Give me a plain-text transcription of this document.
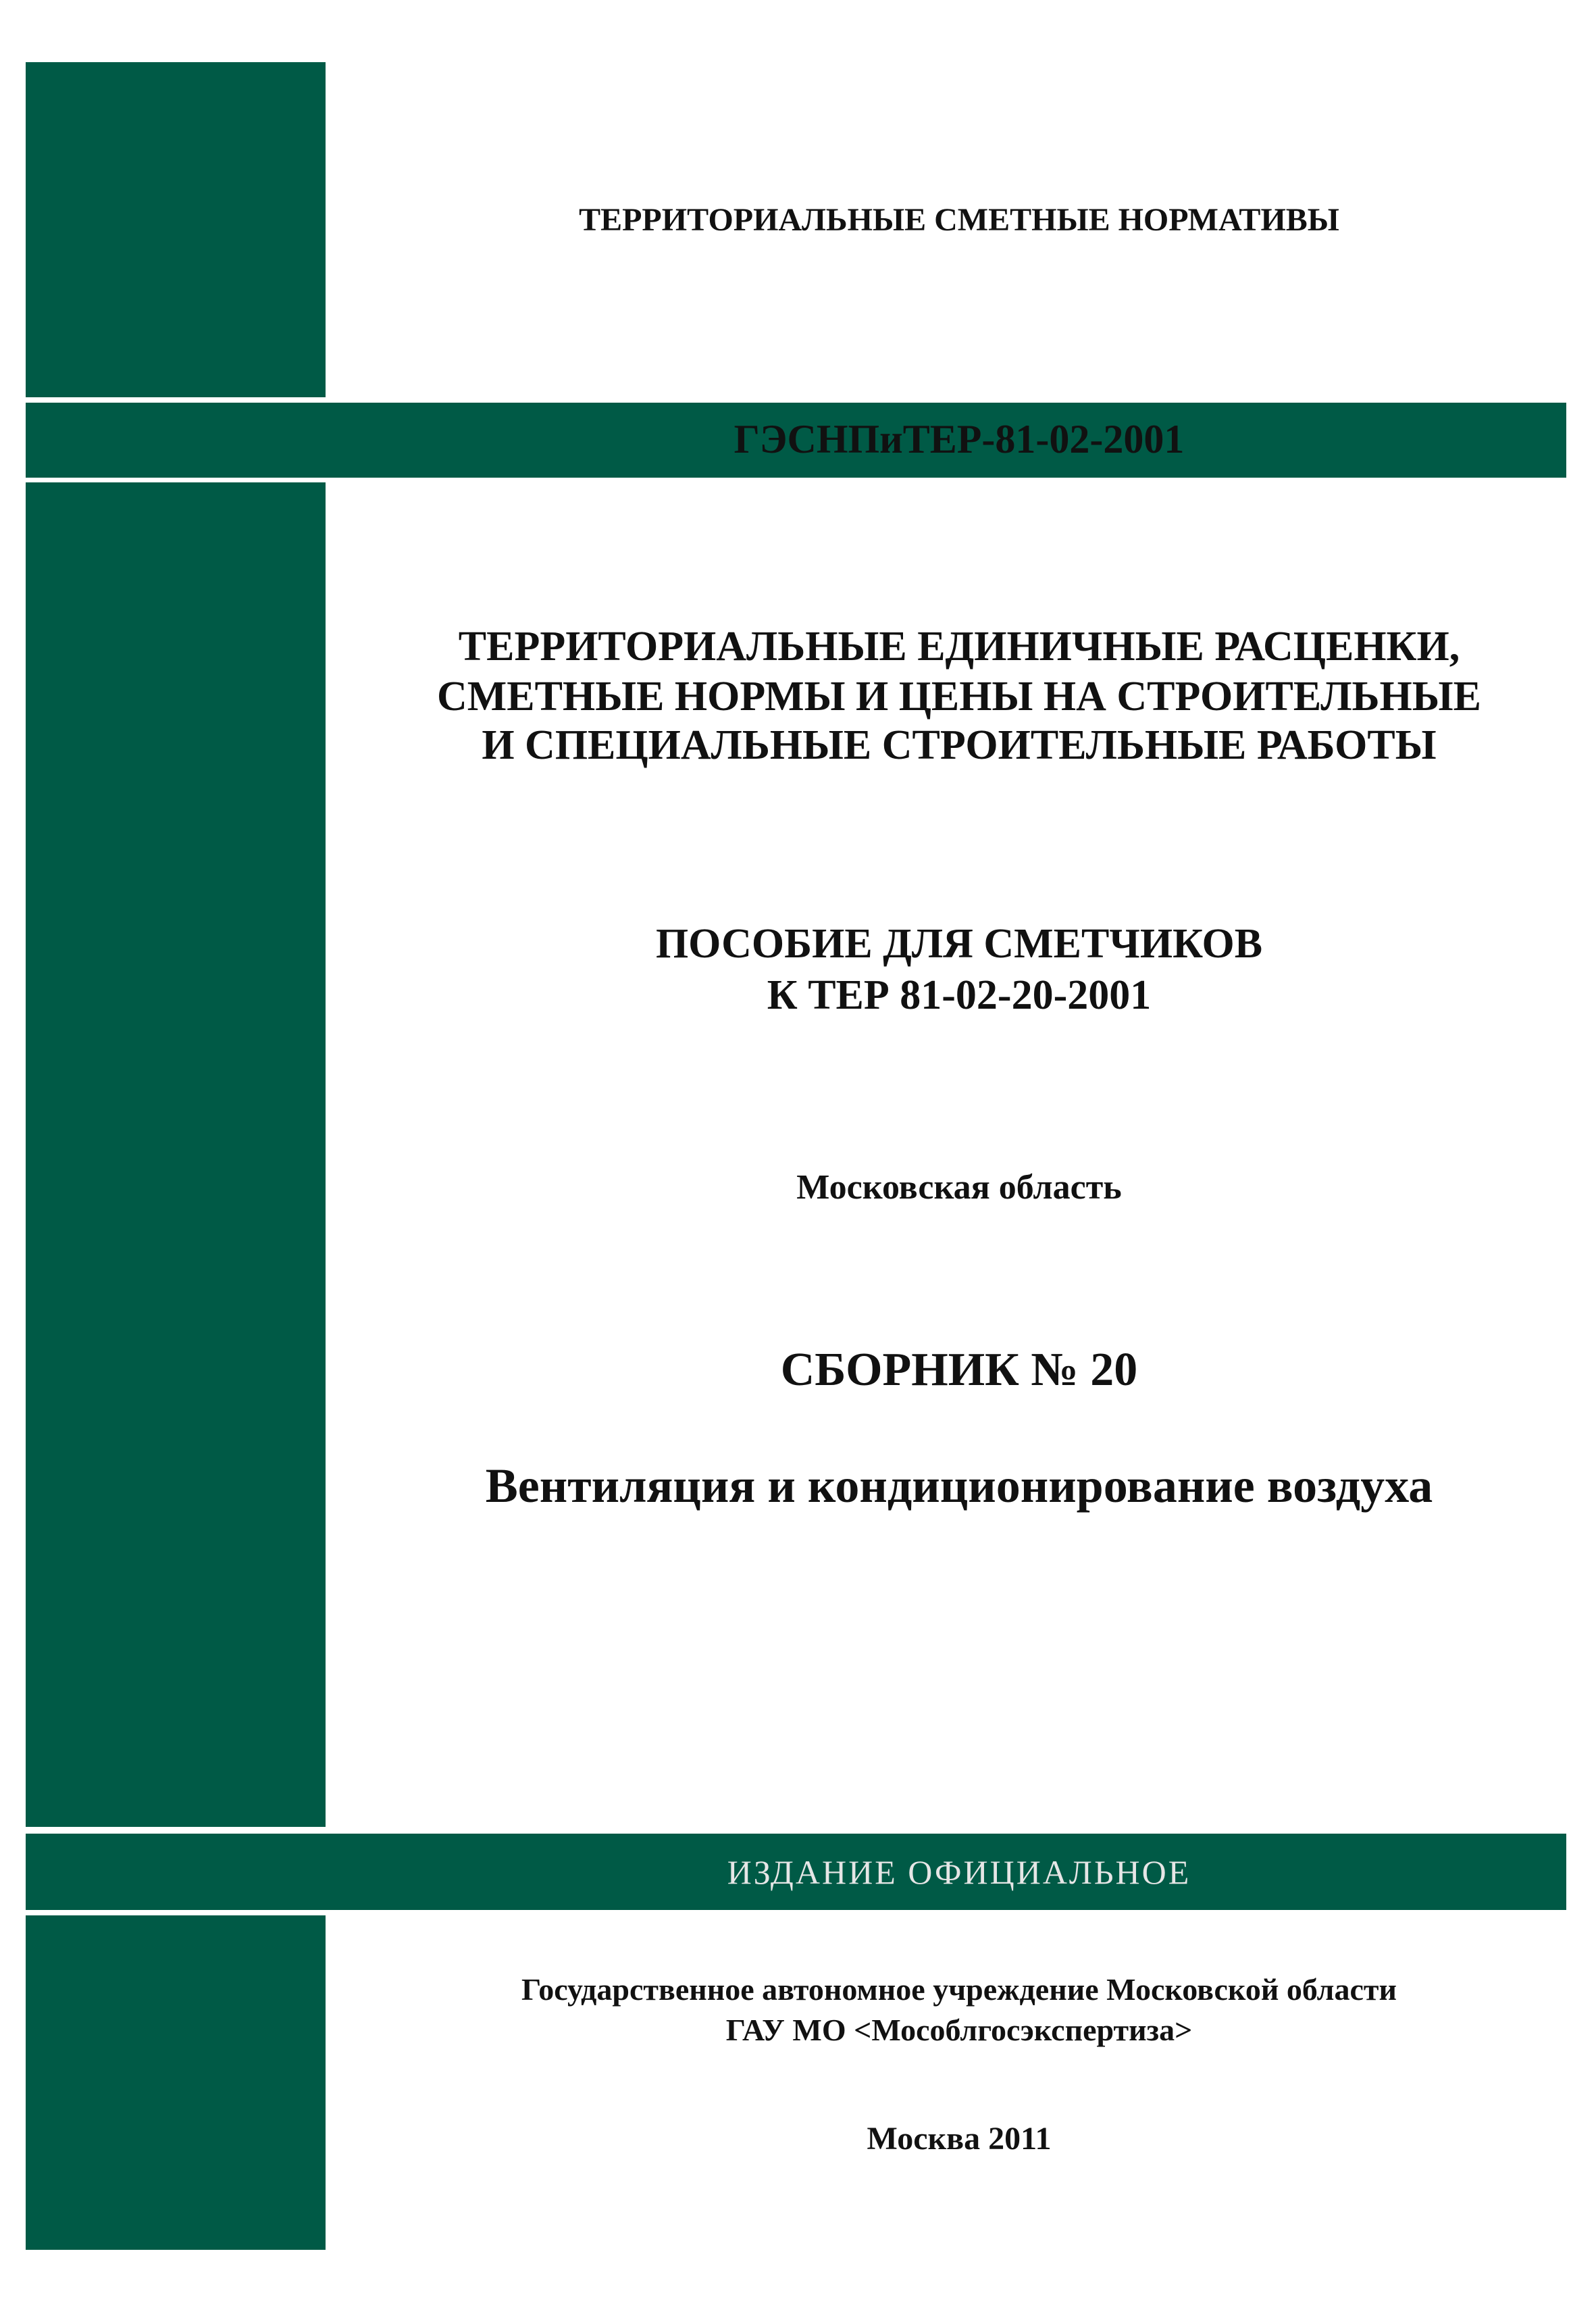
ТЕРРИТОРИАЛЬНЫЕ СМЕТНЫЕ НОРМАТИВЫ
ГЭСНПиТЕР-81-02-2001
ТЕРРИТОРИАЛЬНЫЕ ЕДИНИЧНЫЕ РАСЦЕНКИ,
СМЕТНЫЕ НОРМЫ И ЦЕНЫ НА СТРОИТЕЛЬНЫЕ
И СПЕЦИАЛЬНЫЕ СТРОИТЕЛЬНЫЕ РАБОТЫ
ПОСОБИЕ ДЛЯ СМЕТЧИКОВ
К ТЕР 81-02-20-2001
Московская область
СБОРНИК № 20
Вентиляция и кондиционирование воздуха
ИЗДАНИЕ ОФИЦИАЛЬНОЕ
Государственное автономное учреждение Московской области
ГАУ МО <Мособлгосэкспертиза>
Москва 2011
